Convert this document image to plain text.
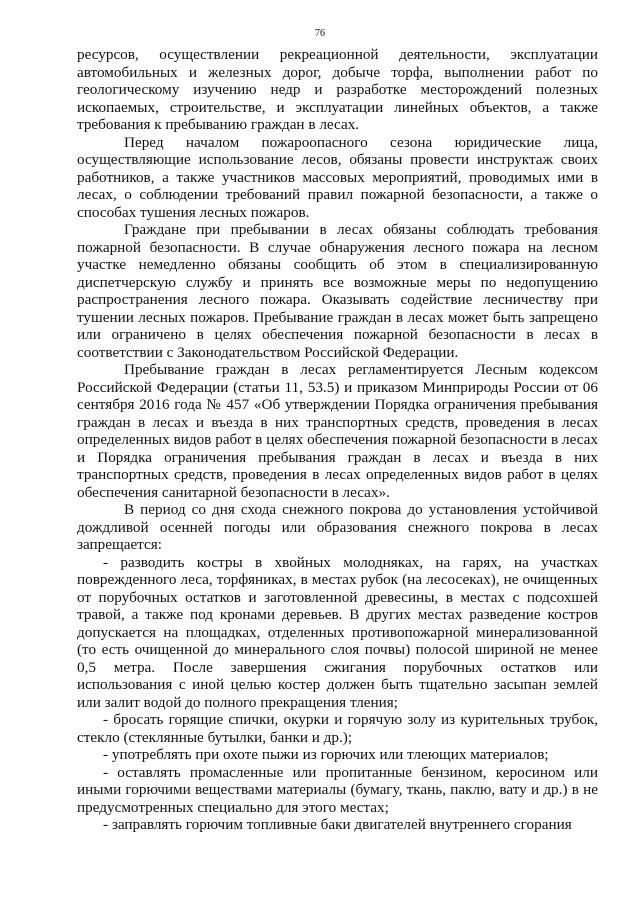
76

ресурсов, осуществлении рекреационной деятельности, эксплуатации автомобильных и железных дорог, добыче торфа, выполнении работ по геологическому изучению недр и разработке месторождений полезных ископаемых, строительстве, и эксплуатации линейных объектов, а также требования к пребыванию граждан в лесах.

Перед началом пожароопасного сезона юридические лица, осуществляющие использование лесов, обязаны провести инструктаж своих работников, а также участников массовых мероприятий, проводимых ими в лесах, о соблюдении требований правил пожарной безопасности, а также о способах тушения лесных пожаров.

Граждане при пребывании в лесах обязаны соблюдать требования пожарной безопасности. В случае обнаружения лесного пожара на лесном участке немедленно обязаны сообщить об этом в специализированную диспетчерскую службу и принять все возможные меры по недопущению распространения лесного пожара. Оказывать содействие лесничеству при тушении лесных пожаров. Пребывание граждан в лесах может быть запрещено или ограничено в целях обеспечения пожарной безопасности в лесах в соответствии с Законодательством Российской Федерации.

Пребывание граждан в лесах регламентируется Лесным кодексом Российской Федерации (статьи 11, 53.5) и приказом Минприроды России от 06 сентября 2016 года № 457 «Об утверждении Порядка ограничения пребывания граждан в лесах и въезда в них транспортных средств, проведения в лесах определенных видов работ в целях обеспечения пожарной безопасности в лесах и Порядка ограничения пребывания граждан в лесах и въезда в них транспортных средств, проведения в лесах определенных видов работ в целях обеспечения санитарной безопасности в лесах».

В период со дня схода снежного покрова до установления устойчивой дождливой осенней погоды или образования снежного покрова в лесах запрещается:

- разводить костры в хвойных молодняках, на гарях, на участках поврежденного леса, торфяниках, в местах рубок (на лесосеках), не очищенных от порубочных остатков и заготовленной древесины, в местах с подсохшей травой, а также под кронами деревьев. В других местах разведение костров допускается на площадках, отделенных противопожарной минерализованной (то есть очищенной до минерального слоя почвы) полосой шириной не менее 0,5 метра. После завершения сжигания порубочных остатков или использования с иной целью костер должен быть тщательно засыпан землей или залит водой до полного прекращения тления;

- бросать горящие спички, окурки и горячую золу из курительных трубок, стекло (стеклянные бутылки, банки и др.);

- употреблять при охоте пыжи из горючих или тлеющих материалов;

- оставлять промасленные или пропитанные бензином, керосином или иными горючими веществами материалы (бумагу, ткань, паклю, вату и др.) в не предусмотренных специально для этого местах;

- заправлять горючим топливные баки двигателей внутреннего сгорания
